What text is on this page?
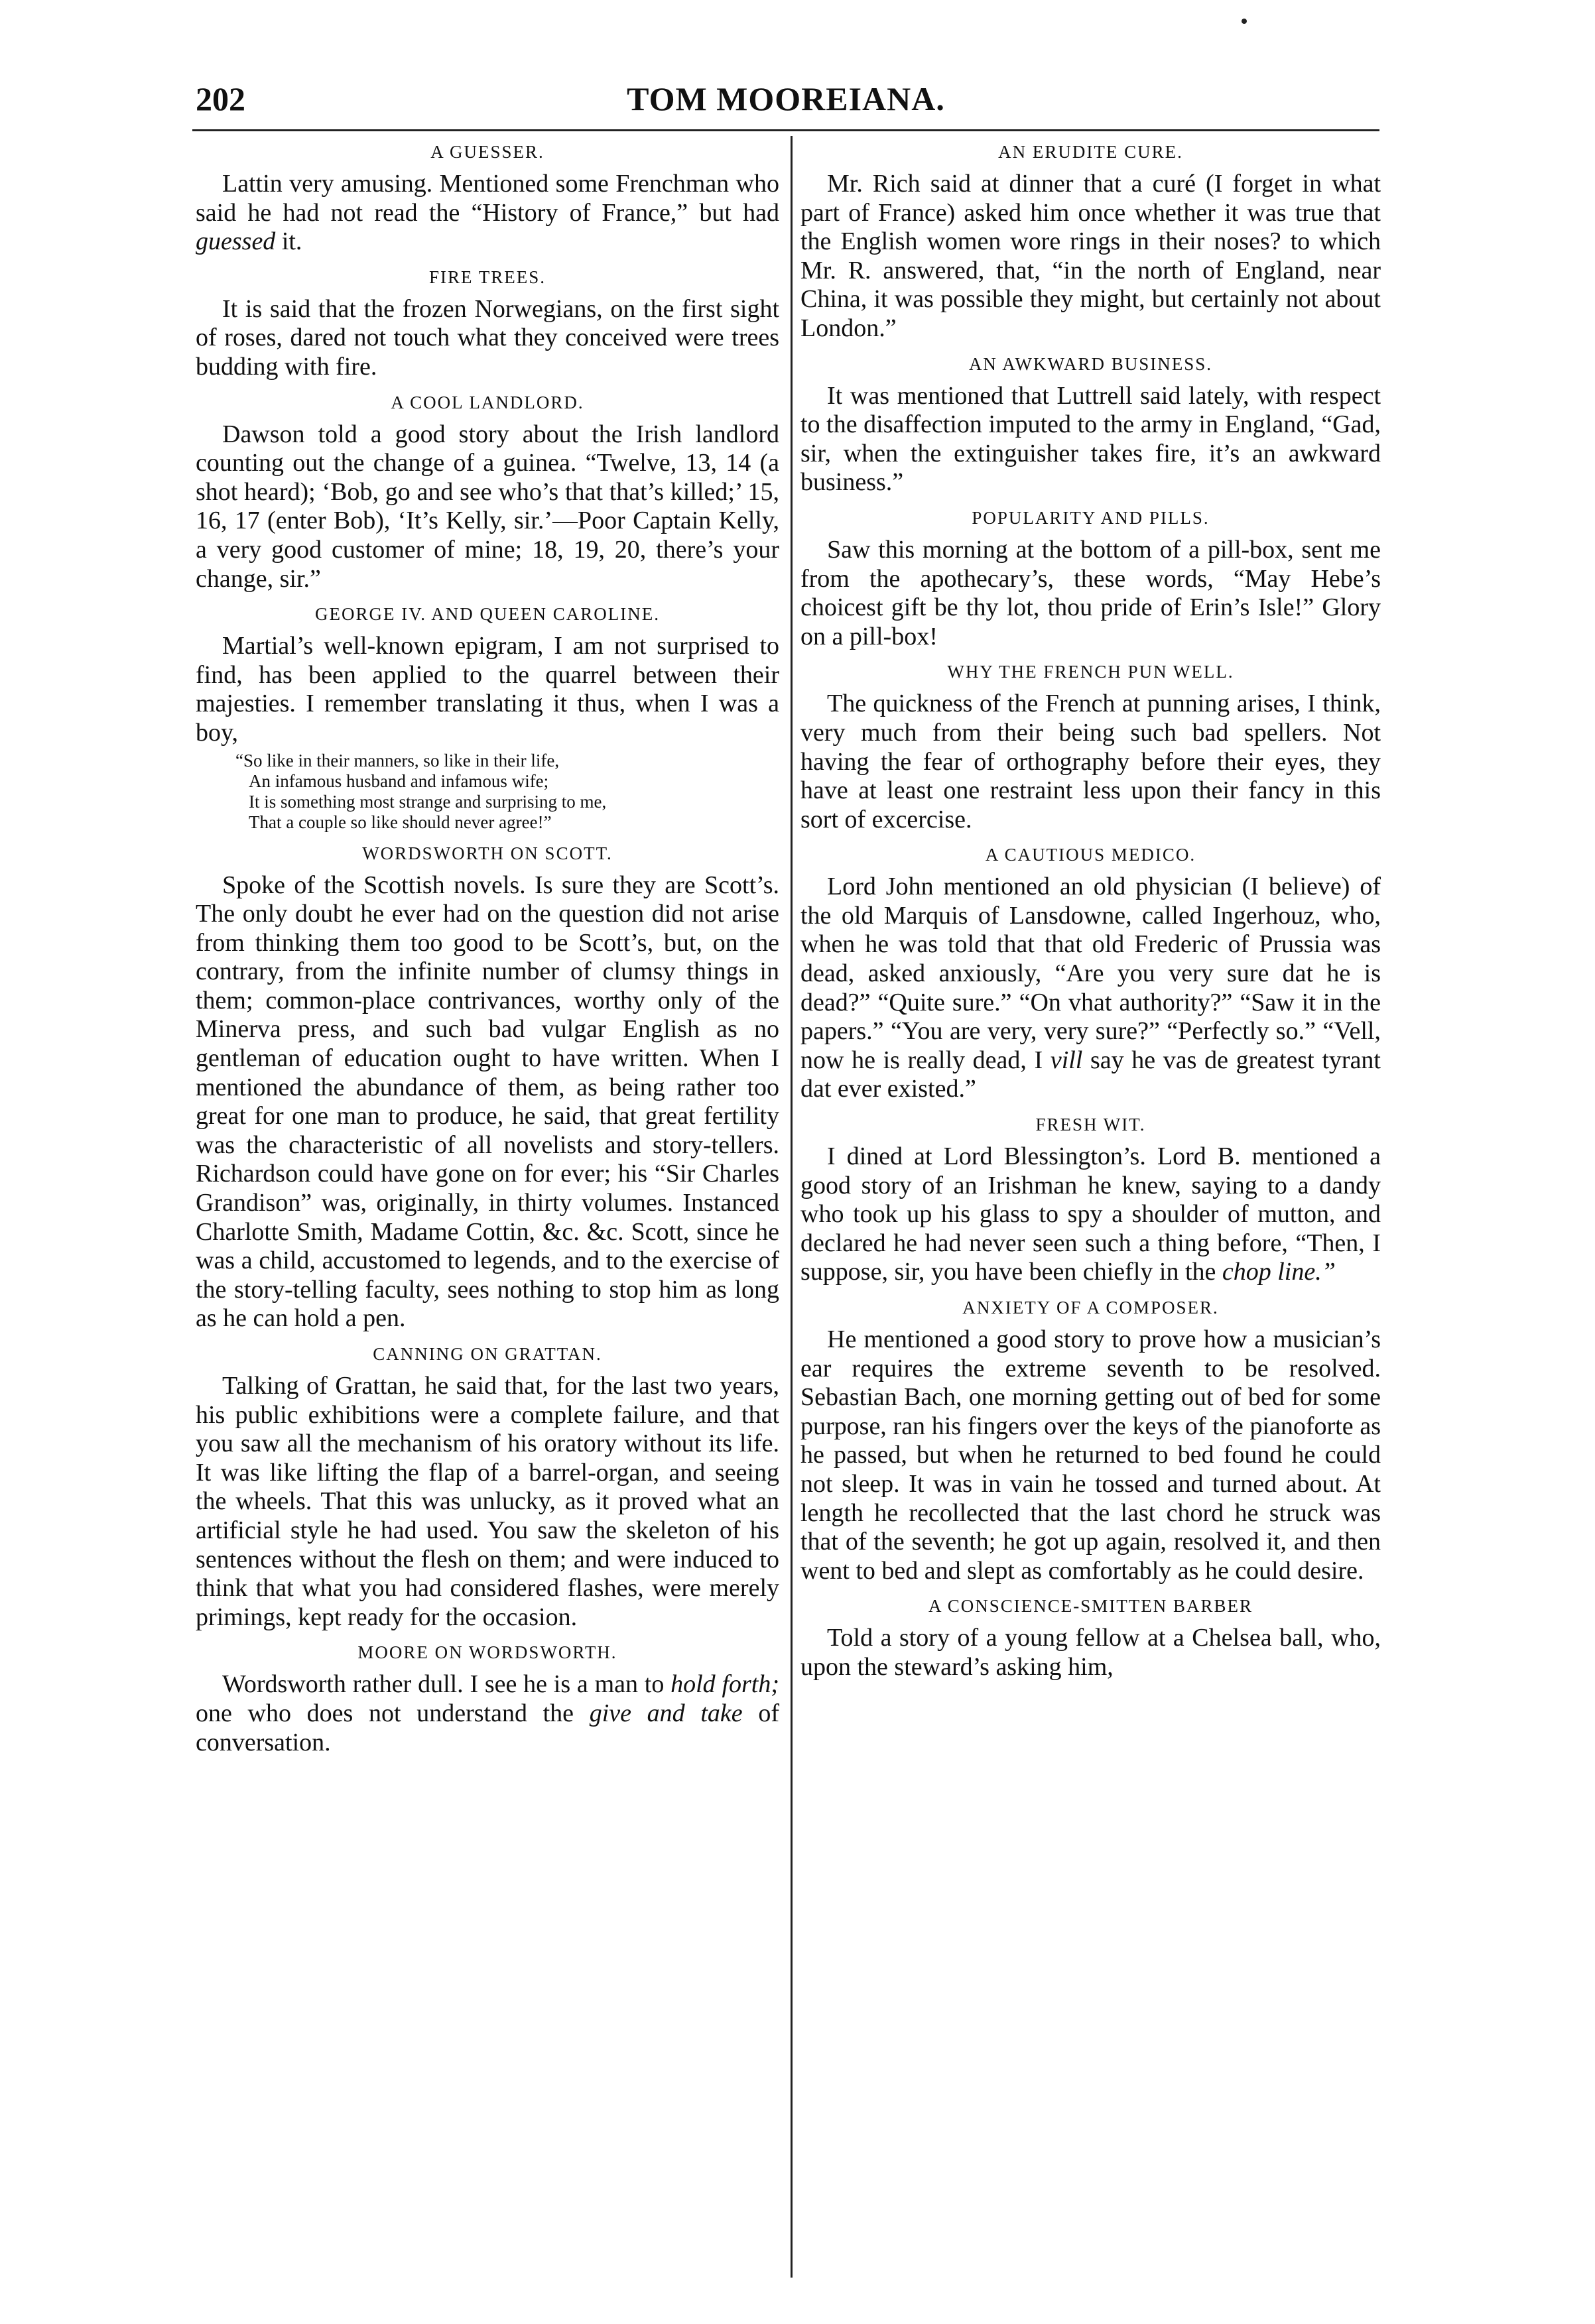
202	TOM MOOREIANA.
A GUESSER.

Lattin very amusing. Mentioned some Frenchman who said he had not read the “History of France,” but had guessed it.

FIRE TREES.

It is said that the frozen Norwegians, on the first sight of roses, dared not touch what they conceived were trees budding with fire.

A COOL LANDLORD.

Dawson told a good story about the Irish landlord counting out the change of a guinea. “Twelve, 13, 14 (a shot heard); ‘Bob, go and see who’s that that’s killed;’ 15, 16, 17 (enter Bob), ‘It’s Kelly, sir.’—Poor Captain Kelly, a very good customer of mine; 18, 19, 20, there’s your change, sir.”

GEORGE IV. AND QUEEN CAROLINE.

Martial’s well-known epigram, I am not surprised to find, has been applied to the quarrel between their majesties. I remember translating it thus, when I was a boy,

“So like in their manners, so like in their life,

An infamous husband and infamous wife;

It is something most strange and surprising to me,

That a couple so like should never agree!”

WORDSWORTH ON SCOTT.

Spoke of the Scottish novels. Is sure they are Scott’s. The only doubt he ever had on the question did not arise from thinking them too good to be Scott’s, but, on the contrary, from the infinite number of clumsy things in them; common-place contrivances, worthy only of the Minerva press, and such bad vulgar English as no gentleman of education ought to have written. When I mentioned the abundance of them, as being rather too great for one man to produce, he said, that great fertility was the characteristic of all novelists and story-tellers. Richardson could have gone on for ever; his “Sir Charles Grandison” was, originally, in thirty volumes. Instanced Charlotte Smith, Madame Cottin, &c. &c. Scott, since he was a child, accustomed to legends, and to the exercise of the story-telling faculty, sees nothing to stop him as long as he can hold a pen.

CANNING ON GRATTAN.

Talking of Grattan, he said that, for the last two years, his public exhibitions were a complete failure, and that you saw all the mechanism of his oratory without its life. It was like lifting the flap of a barrel-organ, and seeing the wheels. That this was unlucky, as it proved what an artificial style he had used. You saw the skeleton of his sentences without the flesh on them; and were induced to think that what you had considered flashes, were merely primings, kept ready for the occasion.

MOORE ON WORDSWORTH.

Wordsworth rather dull. I see he is a man to hold forth; one who does not understand the give and take of conversation.

AN ERUDITE CURE.

Mr. Rich said at dinner that a curé (I forget in what part of France) asked him once whether it was true that the English women wore rings in their noses? to which Mr. R. answered, that, “in the north of England, near China, it was possible they might, but certainly not about London.”

AN AWKWARD BUSINESS.

It was mentioned that Luttrell said lately, with respect to the disaffection imputed to the army in England, “Gad, sir, when the extinguisher takes fire, it’s an awkward business.”

POPULARITY AND PILLS.

Saw this morning at the bottom of a pill-box, sent me from the apothecary’s, these words, “May Hebe’s choicest gift be thy lot, thou pride of Erin’s Isle!” Glory on a pill-box!

WHY THE FRENCH PUN WELL.

The quickness of the French at punning arises, I think, very much from their being such bad spellers. Not having the fear of orthography before their eyes, they have at least one restraint less upon their fancy in this sort of excercise.

A CAUTIOUS MEDICO.

Lord John mentioned an old physician (I believe) of the old Marquis of Lansdowne, called Ingerhouz, who, when he was told that that old Frederic of Prussia was dead, asked anxiously, “Are you very sure dat he is dead?” “Quite sure.” “On vhat authority?” “Saw it in the papers.” “You are very, very sure?” “Perfectly so.” “Vell, now he is really dead, I vill say he vas de greatest tyrant dat ever existed.”

FRESH WIT.

I dined at Lord Blessington’s. Lord B. mentioned a good story of an Irishman he knew, saying to a dandy who took up his glass to spy a shoulder of mutton, and declared he had never seen such a thing before, “Then, I suppose, sir, you have been chiefly in the chop line.”

ANXIETY OF A COMPOSER.

He mentioned a good story to prove how a musician’s ear requires the extreme seventh to be resolved. Sebastian Bach, one morning getting out of bed for some purpose, ran his fingers over the keys of the pianoforte as he passed, but when he returned to bed found he could not sleep. It was in vain he tossed and turned about. At length he recollected that the last chord he struck was that of the seventh; he got up again, resolved it, and then went to bed and slept as comfortably as he could desire.

A CONSCIENCE-SMITTEN BARBER

Told a story of a young fellow at a Chelsea ball, who, upon the steward’s asking him,
